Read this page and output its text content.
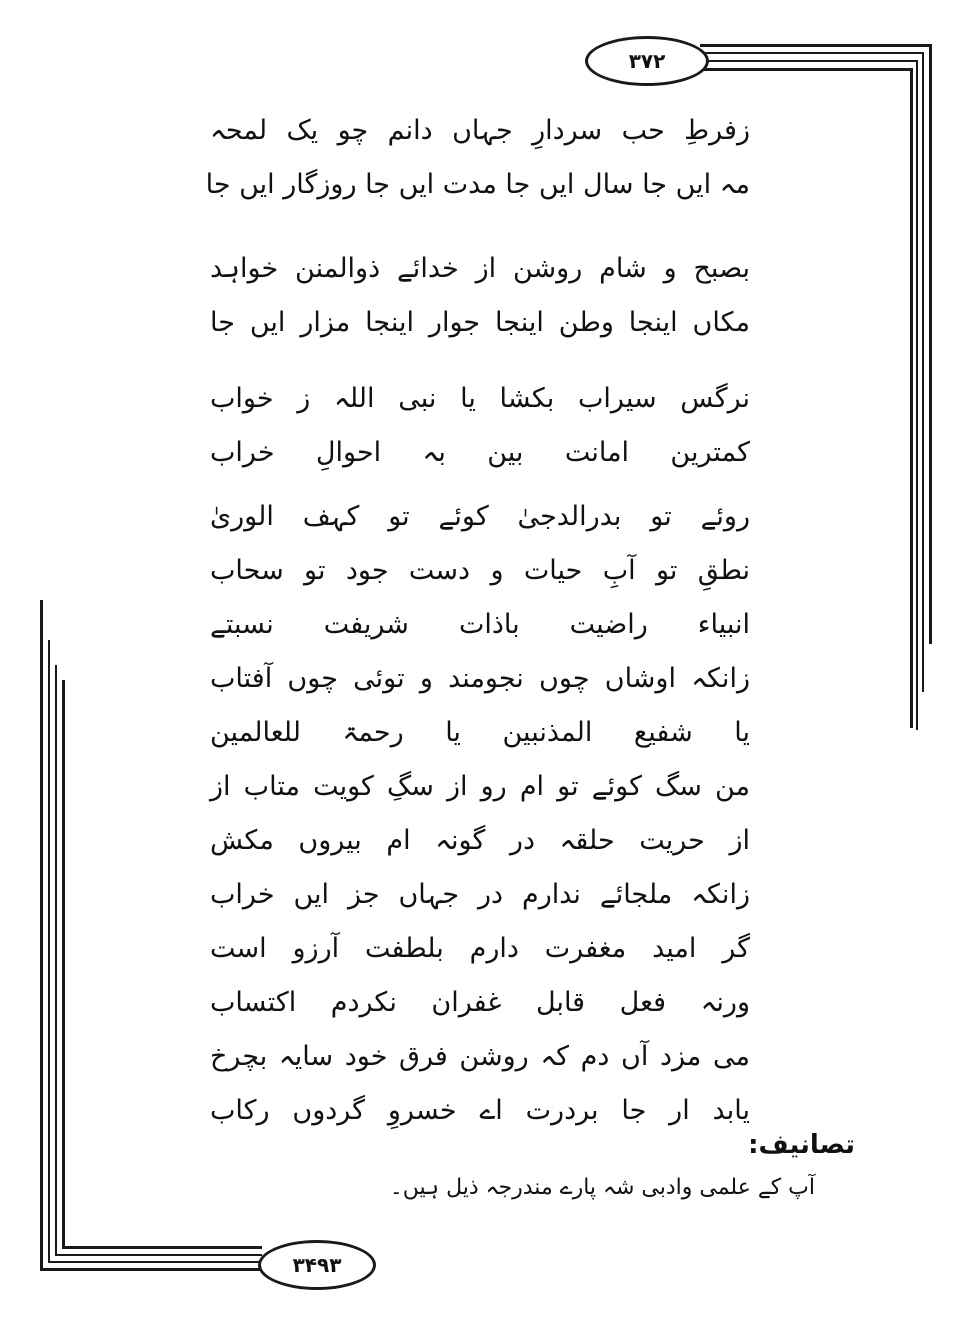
۳۷۲
۳۴۹۳
زفرطِ حب سردارِ جہاں دانم چو یک لمحہ
مہ ایں جا سال ایں جا مدت ایں جا روزگار ایں جا
بصبح و شام روشن از خدائے ذوالمنن خواہد
مکاں اینجا وطن اینجا جوار اینجا مزار ایں جا
نرگس سیراب بکشا یا نبی اللہ ز خواب
کمترین امانت بین بہ احوالِ خراب
روئے تو بدرالدجیٰ کوئے تو کہف الوریٰ
نطقِ تو آبِ حیات و دست جود تو سحاب
انبیاء راضیت باذات شریفت نسبتے
زانکہ اوشاں چوں نجومند و توئی چوں آفتاب
یا شفیع المذنبین یا رحمۃ للعالمین
من سگ کوئے تو ام رو از سگِ کویت متاب از
از حریت حلقہ در گونہ ام بیروں مکش
زانکہ ملجائے ندارم در جہاں جز ایں خراب
گر امید مغفرت دارم بلطفت آرزو است
ورنہ فعل قابل غفران نکردم اکتساب
می مزد آں دم کہ روشن فرق خود سایہ بچرخ
یابد ار جا بردرت اے خسروِ گردوں رکاب
تصانیف:
آپ کے علمی وادبی شہ پارے مندرجہ ذیل ہیں۔
